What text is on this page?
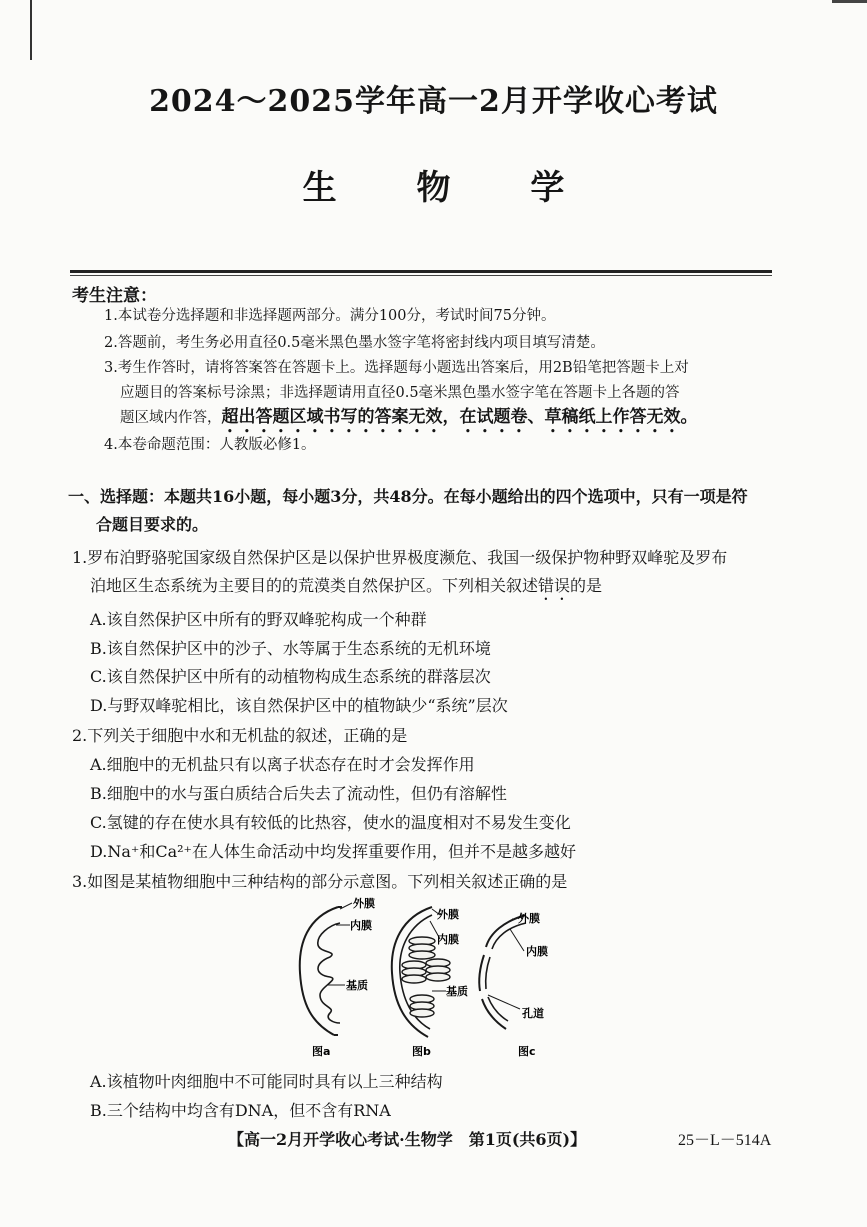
2024～2025学年高一2月开学收心考试
生 物 学
考生注意：
1.本试卷分选择题和非选择题两部分。满分100分，考试时间75分钟。
2.答题前，考生务必用直径0.5毫米黑色墨水签字笔将密封线内项目填写清楚。
3.考生作答时，请将答案答在答题卡上。选择题每小题选出答案后，用2B铅笔把答题卡上对
应题目的答案标号涂黑；非选择题请用直径0.5毫米黑色墨水签字笔在答题卡上各题的答
题区域内作答，超出答题区域书写的答案无效，在试题卷、草稿纸上作答无效。
4.本卷命题范围：人教版必修1。
一、选择题：本题共16小题，每小题3分，共48分。在每小题给出的四个选项中，只有一项是符
合题目要求的。
1.罗布泊野骆驼国家级自然保护区是以保护世界极度濒危、我国一级保护物种野双峰驼及罗布
泊地区生态系统为主要目的的荒漠类自然保护区。下列相关叙述错误的是
A.该自然保护区中所有的野双峰驼构成一个种群
B.该自然保护区中的沙子、水等属于生态系统的无机环境
C.该自然保护区中所有的动植物构成生态系统的群落层次
D.与野双峰驼相比，该自然保护区中的植物缺少“系统”层次
2.下列关于细胞中水和无机盐的叙述，正确的是
A.细胞中的无机盐只有以离子状态存在时才会发挥作用
B.细胞中的水与蛋白质结合后失去了流动性，但仍有溶解性
C.氢键的存在使水具有较低的比热容，使水的温度相对不易发生变化
D.Na⁺和Ca²⁺在人体生命活动中均发挥重要作用，但并不是越多越好
3.如图是某植物细胞中三种结构的部分示意图。下列相关叙述正确的是
外膜
内膜
基质
图a
外膜
内膜
基质
图b
外膜
内膜
孔道
图c
A.该植物叶肉细胞中不可能同时具有以上三种结构
B.三个结构中均含有DNA，但不含有RNA
【高一2月开学收心考试·生物学　第1页(共6页)】	25－L－514A
